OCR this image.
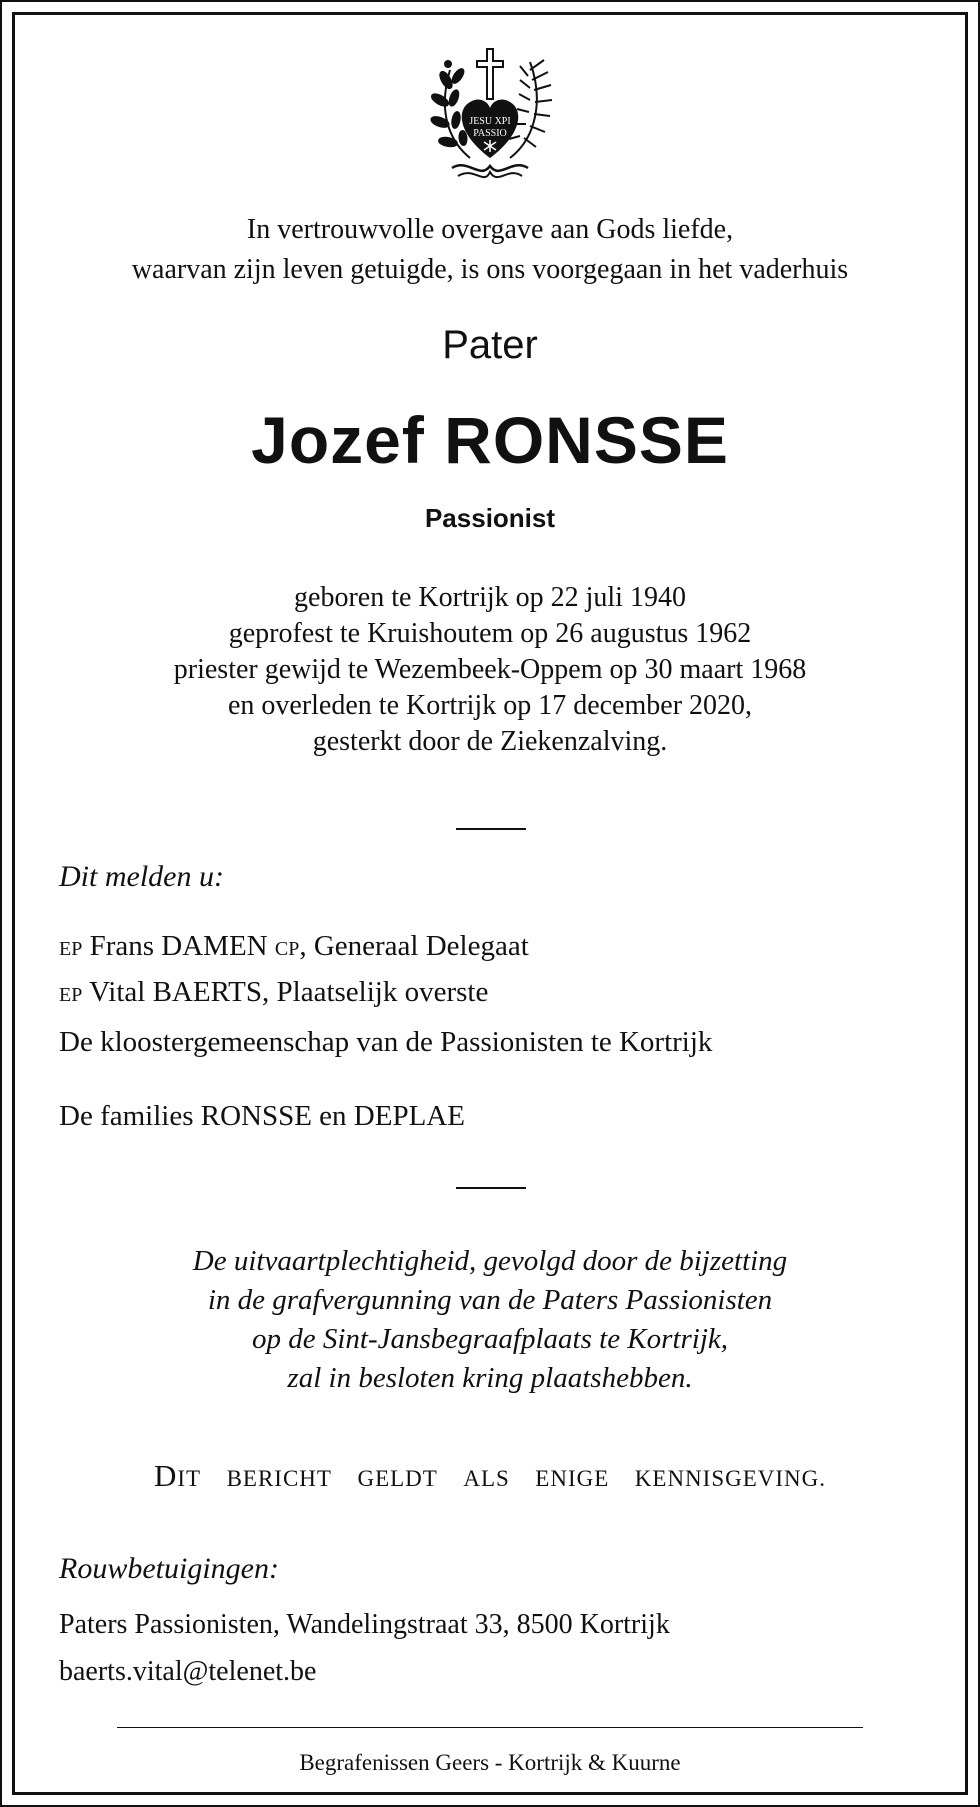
JESU XPI
PASSIO
In vertrouwvolle overgave aan Gods liefde,
waarvan zijn leven getuigde, is ons voorgegaan in het vaderhuis
Pater
Jozef RONSSE
Passionist
geboren te Kortrijk op 22 juli 1940
geprofest te Kruishoutem op 26 augustus 1962
priester gewijd te Wezembeek-Oppem op 30 maart 1968
en overleden te Kortrijk op 17 december 2020,
gesterkt door de Ziekenzalving.
Dit melden u:
EP Frans DAMEN CP, Generaal Delegaat
EP Vital BAERTS, Plaatselijk overste
De kloostergemeenschap van de Passionisten te Kortrijk
De families RONSSE en DEPLAE
De uitvaartplechtigheid, gevolgd door de bijzetting
in de grafvergunning van de Paters Passionisten
op de Sint-Jansbegraafplaats te Kortrijk,
zal in besloten kring plaatshebben.
DIT BERICHT GELDT ALS ENIGE KENNISGEVING.
Rouwbetuigingen:
Paters Passionisten, Wandelingstraat 33, 8500 Kortrijk
baerts.vital@telenet.be
Begrafenissen Geers - Kortrijk & Kuurne
